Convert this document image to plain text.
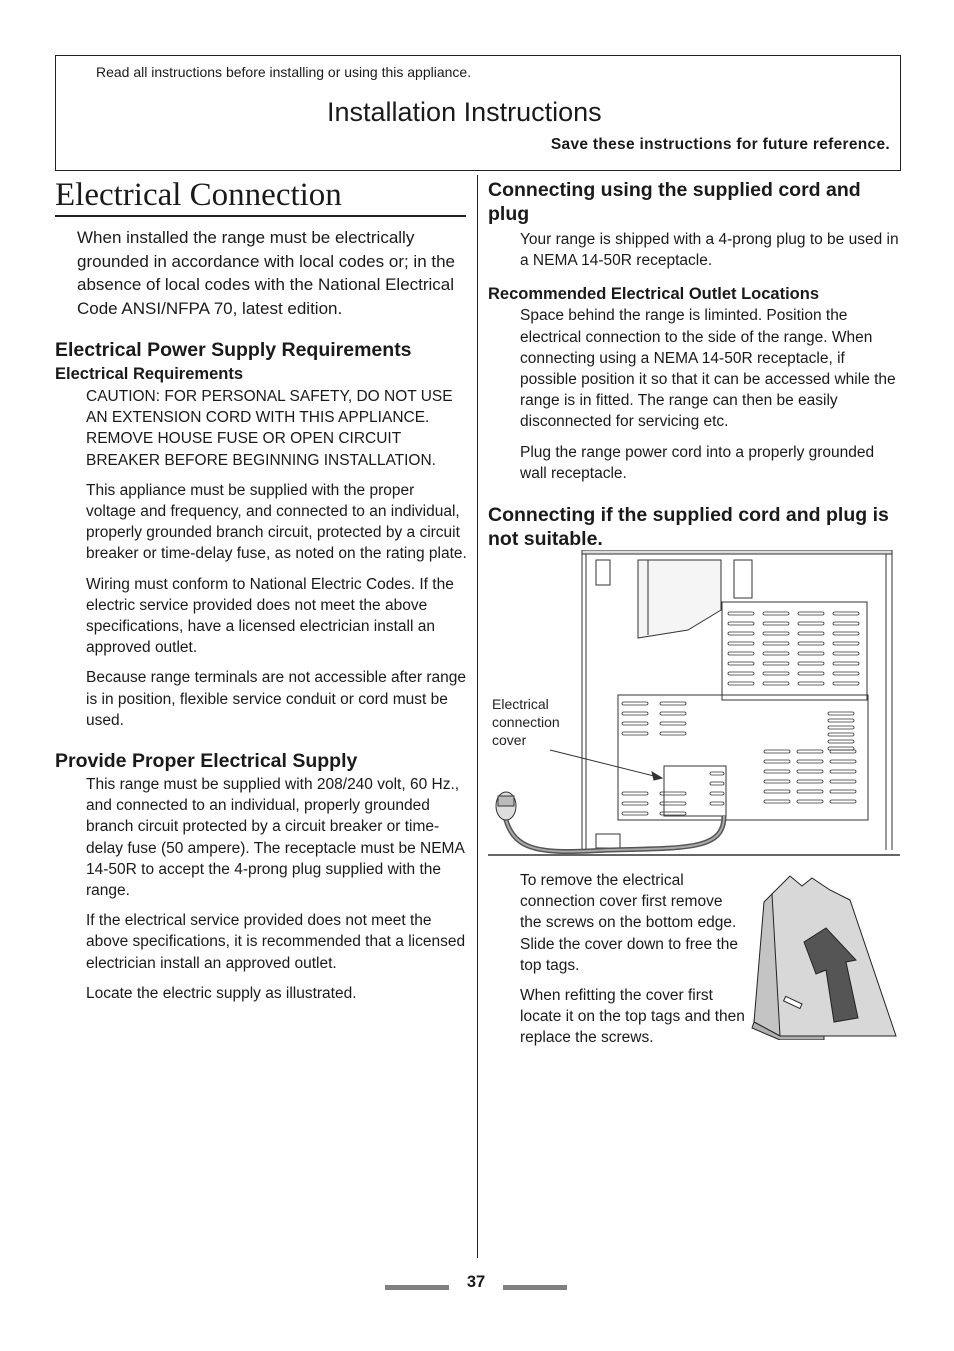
Read all instructions before installing or using this appliance.
Installation Instructions
Save these instructions for future reference.
Electrical Connection

When installed the range must be electrically grounded in accordance with local codes or; in the absence of local codes with the National Electrical Code ANSI/NFPA 70, latest edition.

Electrical Power Supply Requirements
Electrical Requirements

CAUTION: FOR PERSONAL SAFETY, DO NOT USE AN EXTENSION CORD WITH THIS APPLIANCE. REMOVE HOUSE FUSE OR OPEN CIRCUIT BREAKER BEFORE BEGINNING INSTALLATION.

This appliance must be supplied with the proper voltage and frequency, and connected to an individual, properly grounded branch circuit, protected by a circuit breaker or time-delay fuse, as noted on the rating plate.

Wiring must conform to National Electric Codes. If the electric service provided does not meet the above specifications, have a licensed electrician install an approved outlet.

Because range terminals are not accessible after range is in position, flexible service conduit or cord must be used.

Provide Proper Electrical Supply

This range must be supplied with 208/240 volt, 60 Hz., and connected to an individual, properly grounded branch circuit protected by a circuit breaker or time-delay fuse (50 ampere). The receptacle must be NEMA 14-50R to accept the 4-prong plug supplied with the range.

If the electrical service provided does not meet the above specifications, it is recommended that a licensed electrician install an approved outlet.

Locate the electric supply as illustrated.

Connecting using the supplied cord and plug

Your range is shipped with a 4-prong plug to be used in a NEMA 14-50R receptacle.

Recommended Electrical Outlet Locations

Space behind the range is liminted. Position the electrical connection to the side of the range. When connecting using a NEMA 14-50R receptacle, if possible position it so that it can be accessed while the range is in fitted. The range can then be easily disconnected for servicing etc.

Plug the range power cord into a properly grounded wall receptacle.

Connecting if the supplied cord and plug is not suitable.
Electrical
connection
cover

To remove the electrical connection cover first remove the screws on the bottom edge. Slide the cover down to free the top tags.

When refitting the cover first locate it on the top tags and then replace the screws.

37
